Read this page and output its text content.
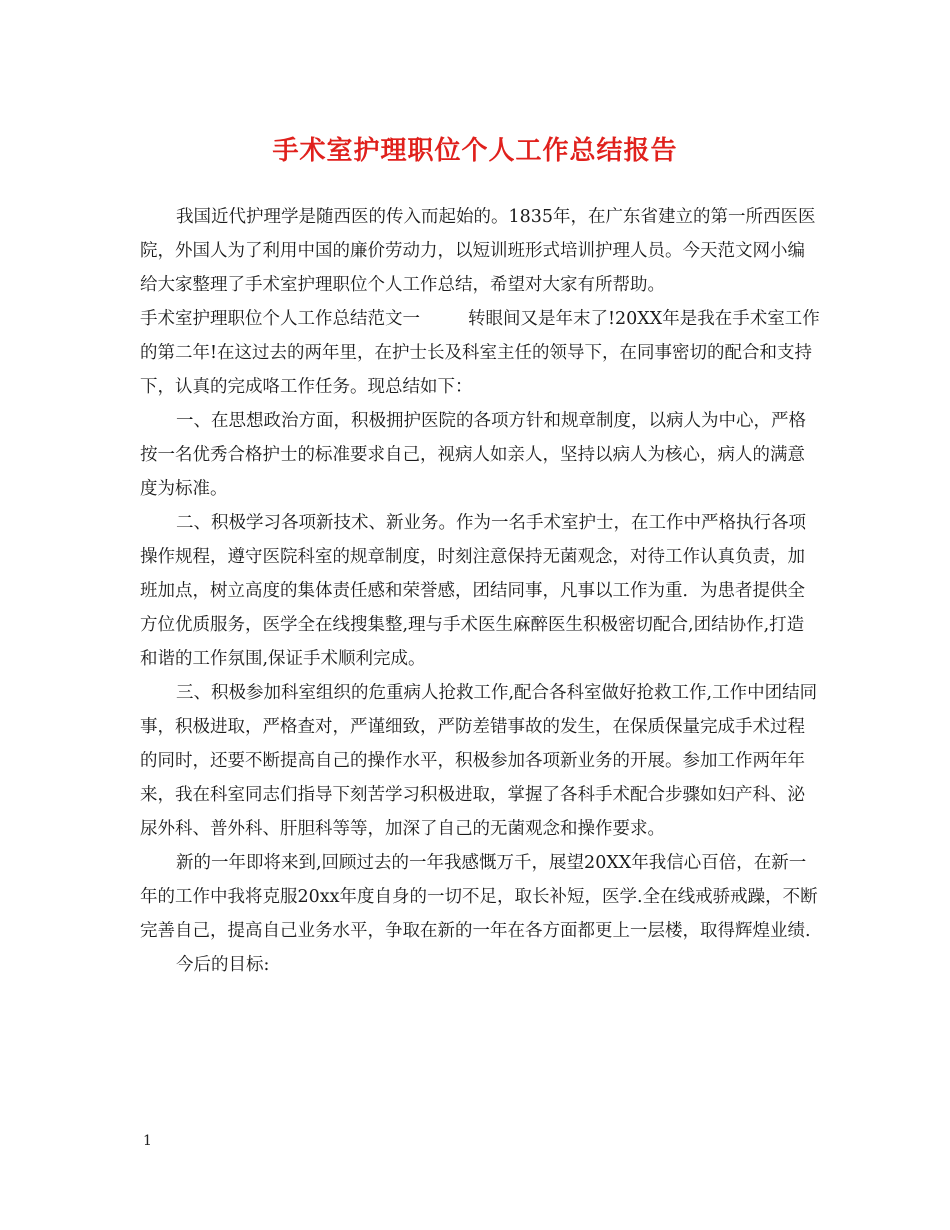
手术室护理职位个人工作总结报告

我国近代护理学是随西医的传入而起始的。1835年，在广东省建立的第一所西医医院，外国人为了利用中国的廉价劳动力，以短训班形式培训护理人员。今天范文网小编给大家整理了手术室护理职位个人工作总结，希望对大家有所帮助。

手术室护理职位个人工作总结范文一	转眼间又是年末了!20XX年是我在手术室工作的第二年!在这过去的两年里，在护士长及科室主任的领导下，在同事密切的配合和支持下，认真的完成咯工作任务。现总结如下：

一、在思想政治方面，积极拥护医院的各项方针和规章制度，以病人为中心，严格按一名优秀合格护士的标准要求自己，视病人如亲人，坚持以病人为核心，病人的满意度为标准。

二、积极学习各项新技术、新业务。作为一名手术室护士，在工作中严格执行各项操作规程，遵守医院科室的规章制度，时刻注意保持无菌观念，对待工作认真负责，加班加点，树立高度的集体责任感和荣誉感，团结同事，凡事以工作为重．为患者提供全方位优质服务，医学全在线搜集整,理与手术医生麻醉医生积极密切配合,团结协作,打造和谐的工作氛围,保证手术顺利完成。

三、积极参加科室组织的危重病人抢救工作,配合各科室做好抢救工作,工作中团结同事，积极进取，严格查对，严谨细致，严防差错事故的发生，在保质保量完成手术过程的同时，还要不断提高自己的操作水平，积极参加各项新业务的开展。参加工作两年年来，我在科室同志们指导下刻苦学习积极进取，掌握了各科手术配合步骤如妇产科、泌尿外科、普外科、肝胆科等等，加深了自己的无菌观念和操作要求。

新的一年即将来到,回顾过去的一年我感慨万千，展望20XX年我信心百倍，在新一年的工作中我将克服20xx年度自身的一切不足，取长补短，医学.全在线戒骄戒躁，不断完善自己，提高自己业务水平，争取在新的一年在各方面都更上一层楼，取得辉煌业绩.

今后的目标:

1
